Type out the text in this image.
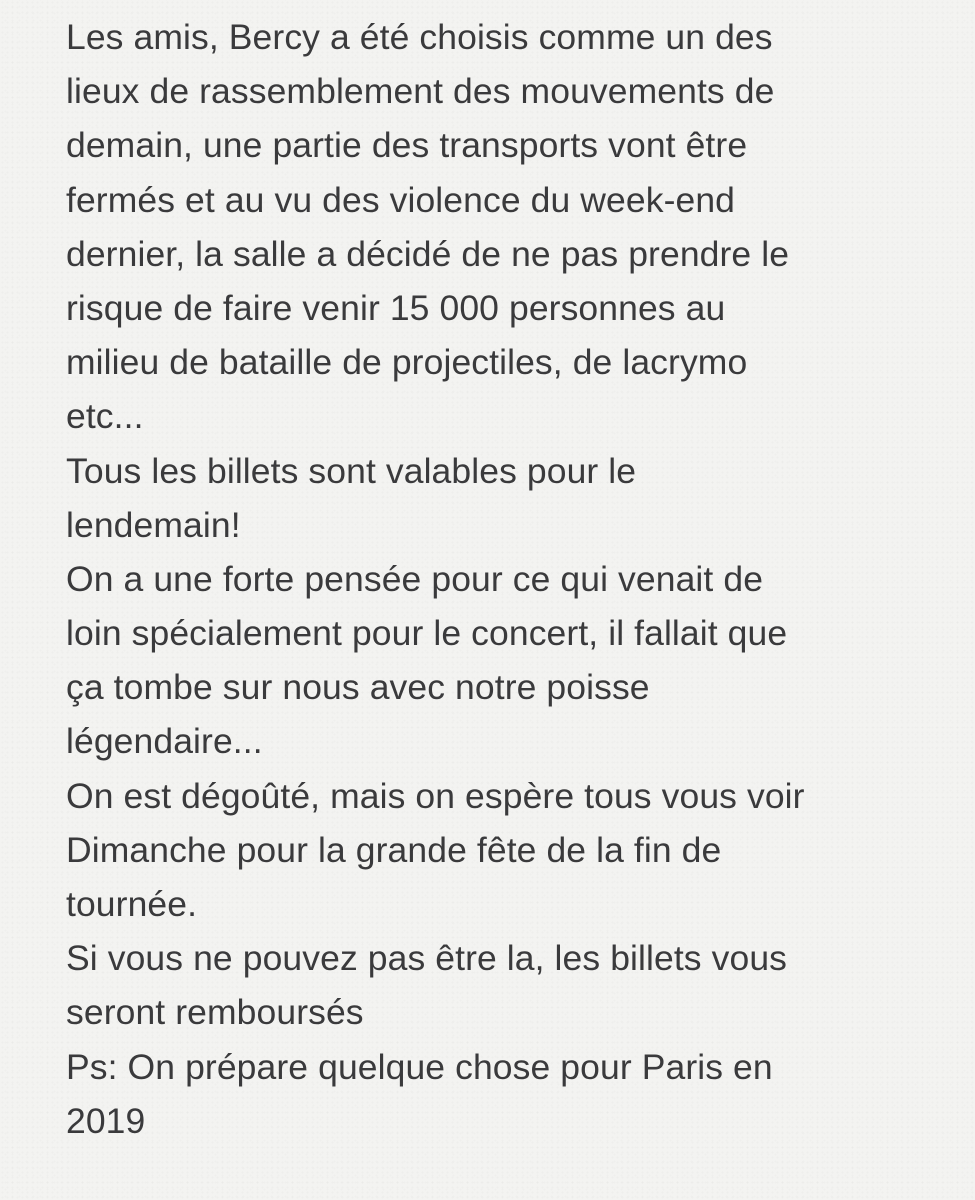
Les amis, Bercy a été choisis comme un des
lieux de rassemblement des mouvements de
demain, une partie des transports vont être
fermés et au vu des violence du week-end
dernier, la salle a décidé de ne pas prendre le
risque de faire venir 15 000 personnes au
milieu de bataille de projectiles, de lacrymo
etc...
Tous les billets sont valables pour le
lendemain!
On a une forte pensée pour ce qui venait de
loin spécialement pour le concert, il fallait que
ça tombe sur nous avec notre poisse
légendaire...
On est dégoûté, mais on espère tous vous voir
Dimanche pour la grande fête de la fin de
tournée.
Si vous ne pouvez pas être la, les billets vous
seront remboursés
Ps: On prépare quelque chose pour Paris en
2019
